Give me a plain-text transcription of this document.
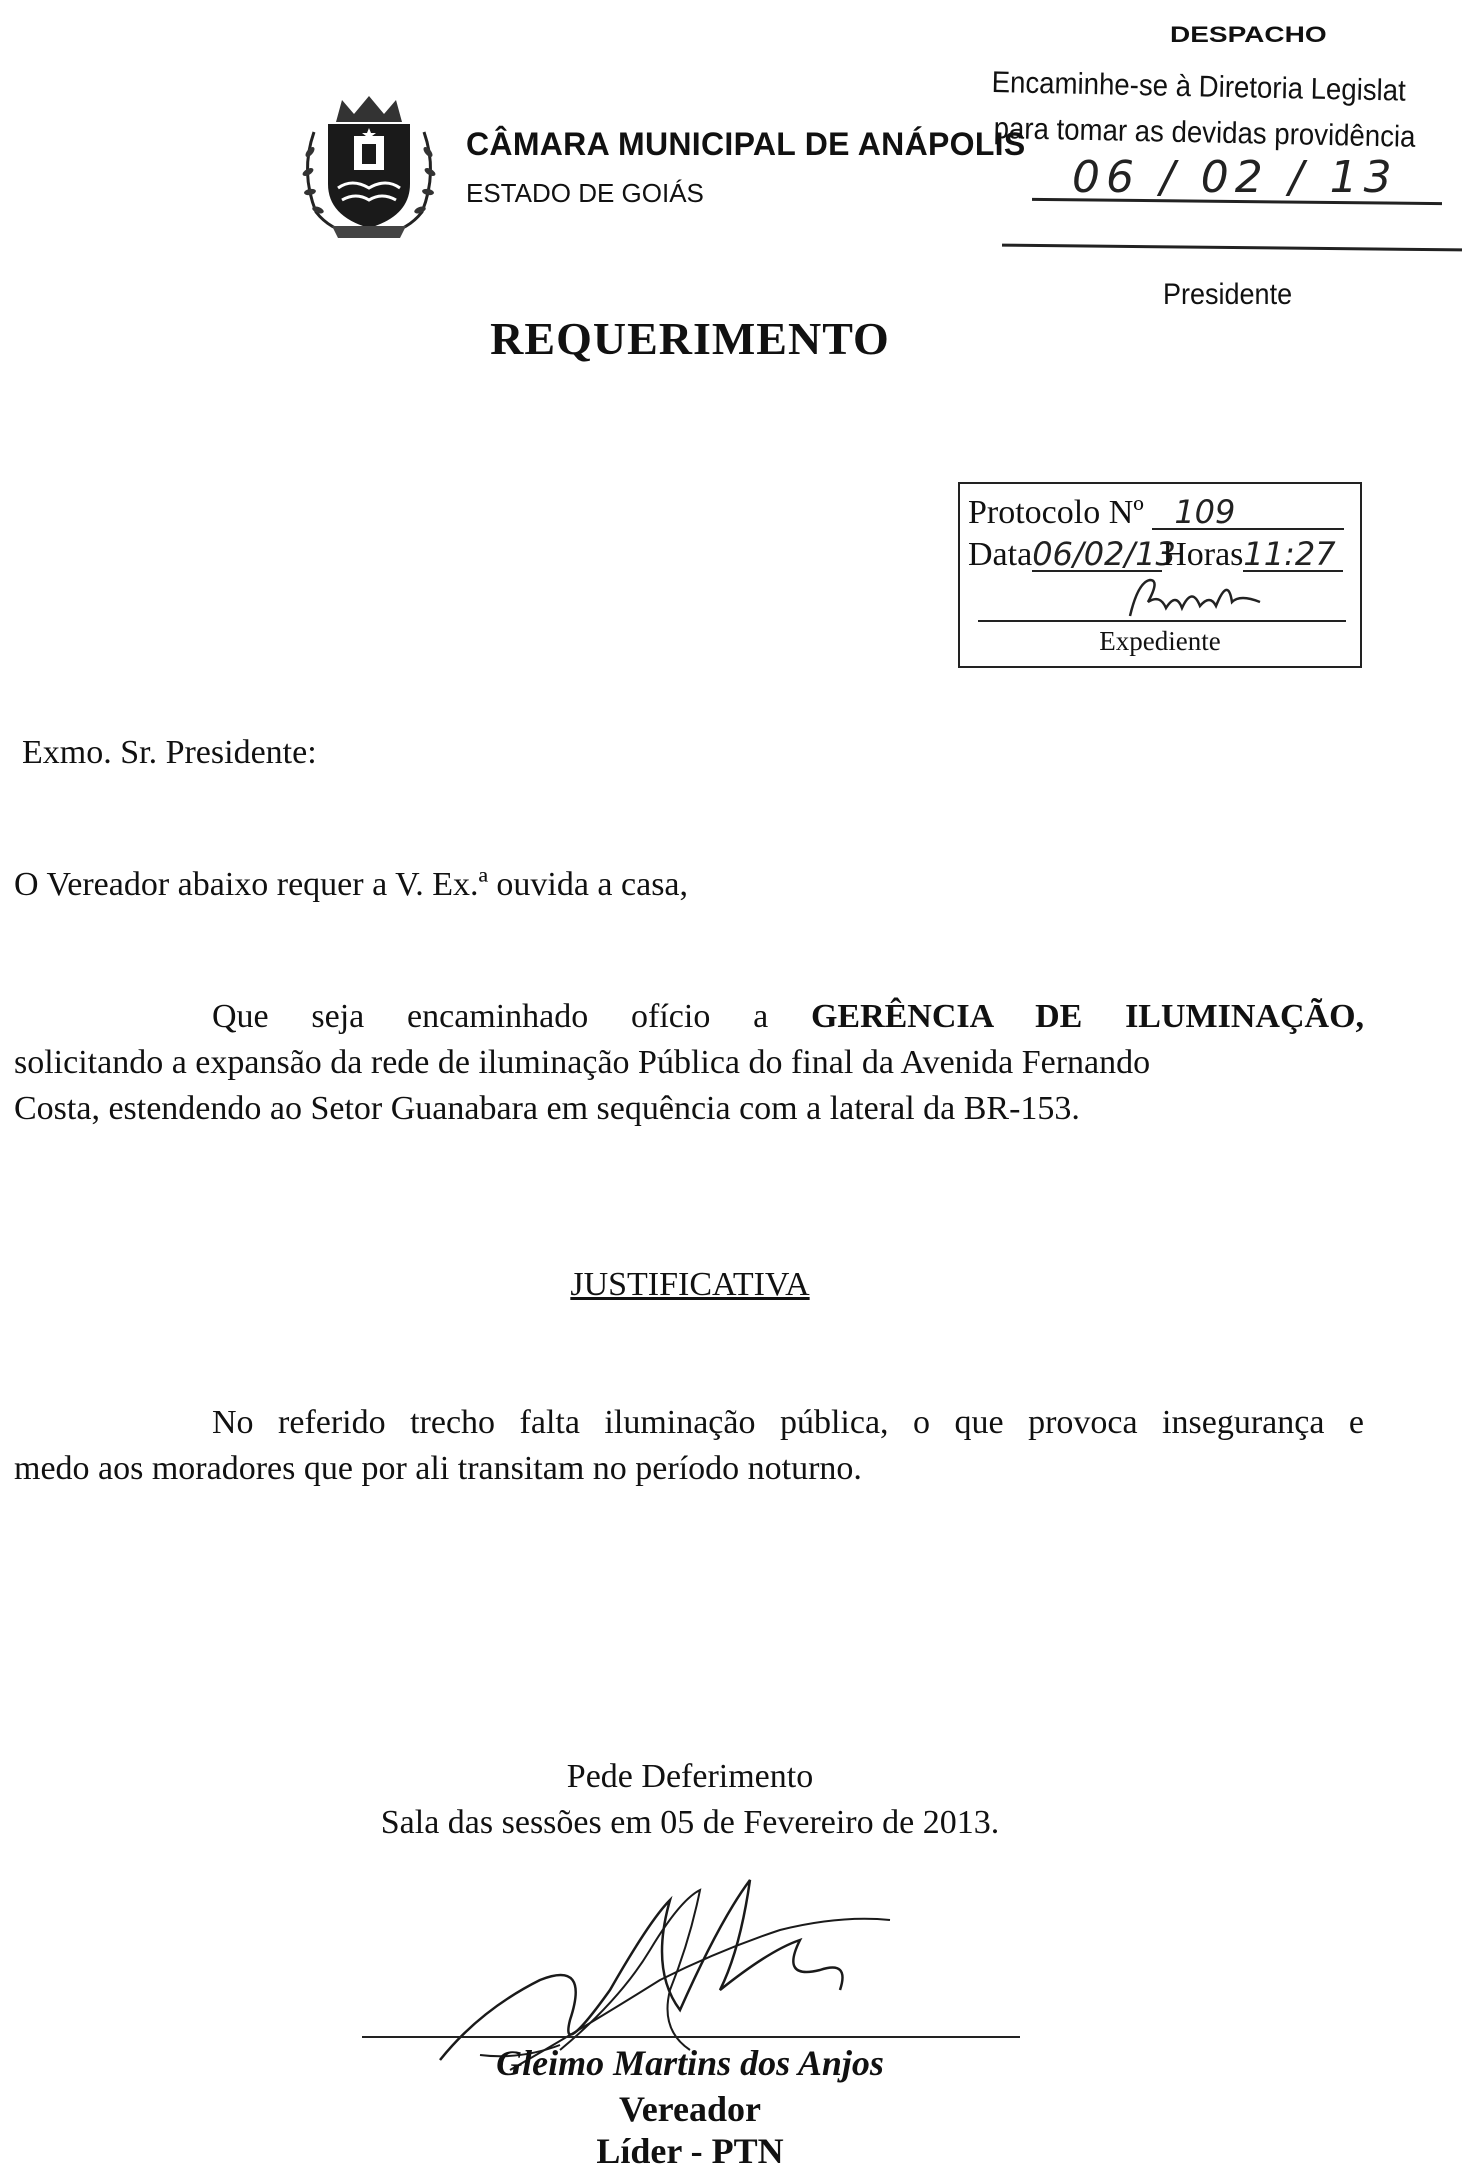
CÂMARA MUNICIPAL DE ANÁPOLIS
ESTADO DE GOIÁS
DESPACHO
Encaminhe-se à Diretoria Legislat
para tomar as devidas providência
06 / 02 / 13
Presidente
REQUERIMENTO
Protocolo Nº 109
Data06/02/13Horas11:27
Expediente
Exmo. Sr. Presidente:
O Vereador abaixo requer a V. Ex.ª ouvida a casa,
Que seja encaminhado ofício a GERÊNCIA DE ILUMINAÇÃO,
solicitando a expansão da rede de iluminação Pública do final da Avenida Fernando
Costa, estendendo ao Setor Guanabara em sequência com a lateral da BR-153.
JUSTIFICATIVA
No referido trecho falta iluminação pública, o que provoca insegurança e
medo aos moradores que por ali transitam no período noturno.
Pede Deferimento
Sala das sessões em 05 de Fevereiro de 2013.
Gleimo Martins dos Anjos
Vereador
Líder - PTN
